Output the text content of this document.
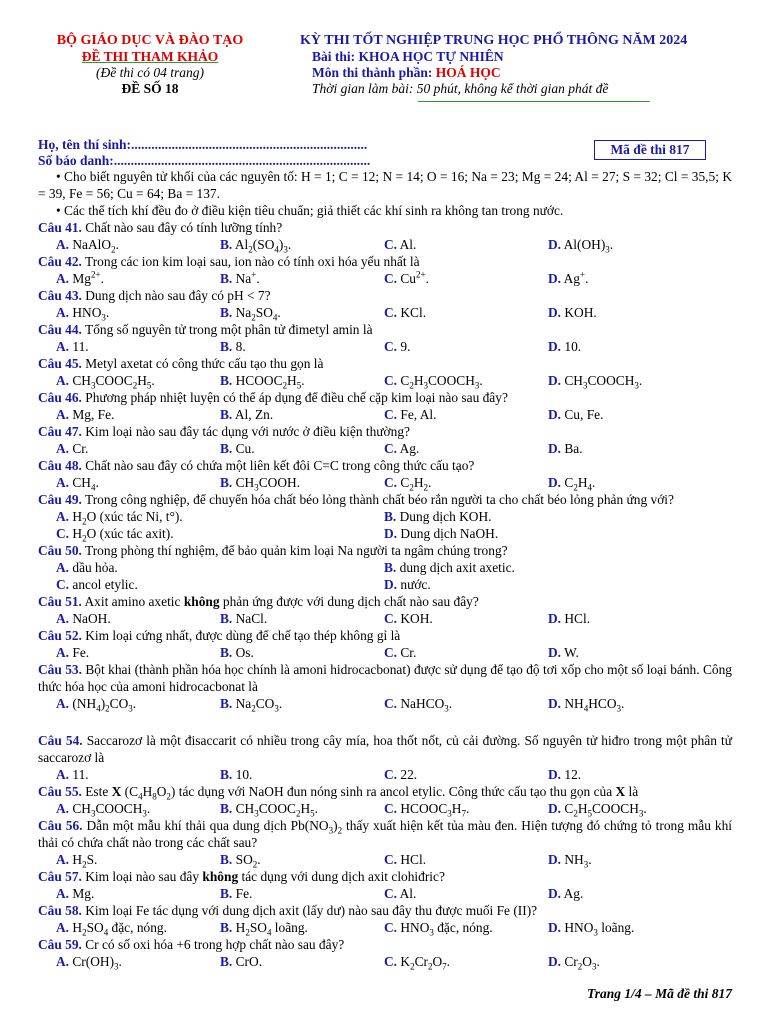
BỘ GIÁO DỤC VÀ ĐÀO TẠO
ĐỀ THI THAM KHẢO
(Đề thi có 04 trang)
ĐỀ SỐ 18
KỲ THI TỐT NGHIỆP TRUNG HỌC PHỔ THÔNG NĂM 2024
Bài thi: KHOA HỌC TỰ NHIÊN
Môn thi thành phần: HOÁ HỌC
Thời gian làm bài: 50 phút, không kể thời gian phát đề
Họ, tên thí sinh:......................................................................
Số báo danh:............................................................................
Mã đề thi 817
• Cho biết nguyên tử khối của các nguyên tố: H = 1; C = 12; N = 14; O = 16; Na = 23; Mg = 24; Al = 27; S = 32; Cl = 35,5; K = 39, Fe = 56; Cu = 64; Ba = 137.
• Các thể tích khí đều đo ở điều kiện tiêu chuẩn; giả thiết các khí sinh ra không tan trong nước.
Câu 41. Chất nào sau đây có tính lưỡng tính?
A. NaAlO$_2$.	B. $Al_2(SO_4)_3$.	C. Al.	D. $Al(OH)_3$.
Câu 42. Trong các ion kim loại sau, ion nào có tính oxi hóa yếu nhất là
A. $Mg^{2+}$.	B. Na+.	C. $Cu^{2+}$.	D. Ag+.
Câu 43. Dung dịch nào sau đây có pH < 7?
A. $HNO_3$.	B. $Na_2SO_4$.	C. KCl.	D. KOH.
Câu 44. Tổng số nguyên tử trong một phân tử đimetyl amin là
A. 11.	B. 8.	C. 9.	D. 10.
Câu 45. Metyl axetat có công thức cấu tạo thu gọn là
A. $CH_3COOC_2H_5$.	B. $HCOOC_2H_5$.	C. $C_2H_3COOCH_3$.	D. $CH_3COOCH_3$.
Câu 46. Phương pháp nhiệt luyện có thể áp dụng để điều chế cặp kim loại nào sau đây?
A. Mg, Fe.	B. Al, Zn.	C. Fe, Al.	D. Cu, Fe.
Câu 47. Kim loại nào sau đây tác dụng với nước ở điều kiện thường?
A. Cr.	B. Cu.	C. Ag.	D. Ba.
Câu 48. Chất nào sau đây có chứa một liên kết đôi C=C trong công thức cấu tạo?
A. $CH_4$.	B. $CH_3COOH$.	C. $C_2H_2$.	D. $C_2H_4$.
Câu 49. Trong công nghiệp, để chuyển hóa chất béo lỏng thành chất béo rắn người ta cho chất béo lỏng phản ứng với?
A. $H_2O$ (xúc tác Ni, t°).	B. Dung dịch KOH.
C. $H_2O$ (xúc tác axit).	D. Dung dịch NaOH.
Câu 50. Trong phòng thí nghiệm, để bảo quản kim loại Na người ta ngâm chúng trong?
A. dầu hỏa.	B. dung dịch axit axetic.
C. ancol etylic.	D. nước.
Câu 51. Axit amino axetic không phản ứng được với dung dịch chất nào sau đây?
A. NaOH.	B. NaCl.	C. KOH.	D. HCl.
Câu 52. Kim loại cứng nhất, được dùng để chế tạo thép không gỉ là
A. Fe.	B. Os.	C. Cr.	D. W.
Câu 53. Bột khai (thành phần hóa học chính là amoni hidrocacbonat) được sử dụng để tạo độ tơi xốp cho một số loại bánh. Công thức hóa học của amoni hidrocacbonat là
A. $(NH_4)_2CO_3$.	B. $Na_2CO_3$.	C. NaHCO$_3$.	D. $NH_4HCO_3$.
Câu 54. Saccarozơ là một đisaccarit có nhiều trong cây mía, hoa thốt nốt, củ cải đường. Số nguyên tử hiđro trong một phân tử saccarozơ là
A. 11.	B. 10.	C. 22.	D. 12.
Câu 55. Este X $(C_4H_8O_2)$ tác dụng với NaOH đun nóng sinh ra ancol etylic. Công thức cấu tạo thu gọn của X là
A. $CH_3COOCH_3$.	B. $CH_3COOC_2H_5$.	C. $HCOOC_3H_7$.	D. $C_2H_5COOCH_3$.
Câu 56. Dẫn một mẫu khí thải qua dung dịch $Pb(NO_3)_2$ thấy xuất hiện kết tủa màu đen. Hiện tượng đó chứng tỏ trong mẫu khí thải có chứa chất nào trong các chất sau?
A. $H_2S$.	B. $SO_2$.	C. HCl.	D. $NH_3$.
Câu 57. Kim loại nào sau đây không tác dụng với dung dịch axit clohiđric?
A. Mg.	B. Fe.	C. Al.	D. Ag.
Câu 58. Kim loại Fe tác dụng với dung dịch axit (lấy dư) nào sau đây thu được muối Fe (II)?
A. $H_2SO_4$ đặc, nóng.	B. $H_2SO_4$ loãng.	C. $HNO_3$ đặc, nóng.	D. $HNO_3$ loãng.
Câu 59. Cr có số oxi hóa +6 trong hợp chất nào sau đây?
A. $Cr(OH)_3$.	B. CrO.	C. $K_2Cr_2O_7$.	D. $Cr_2O_3$.
Trang 1/4 – Mã đề thi 817
